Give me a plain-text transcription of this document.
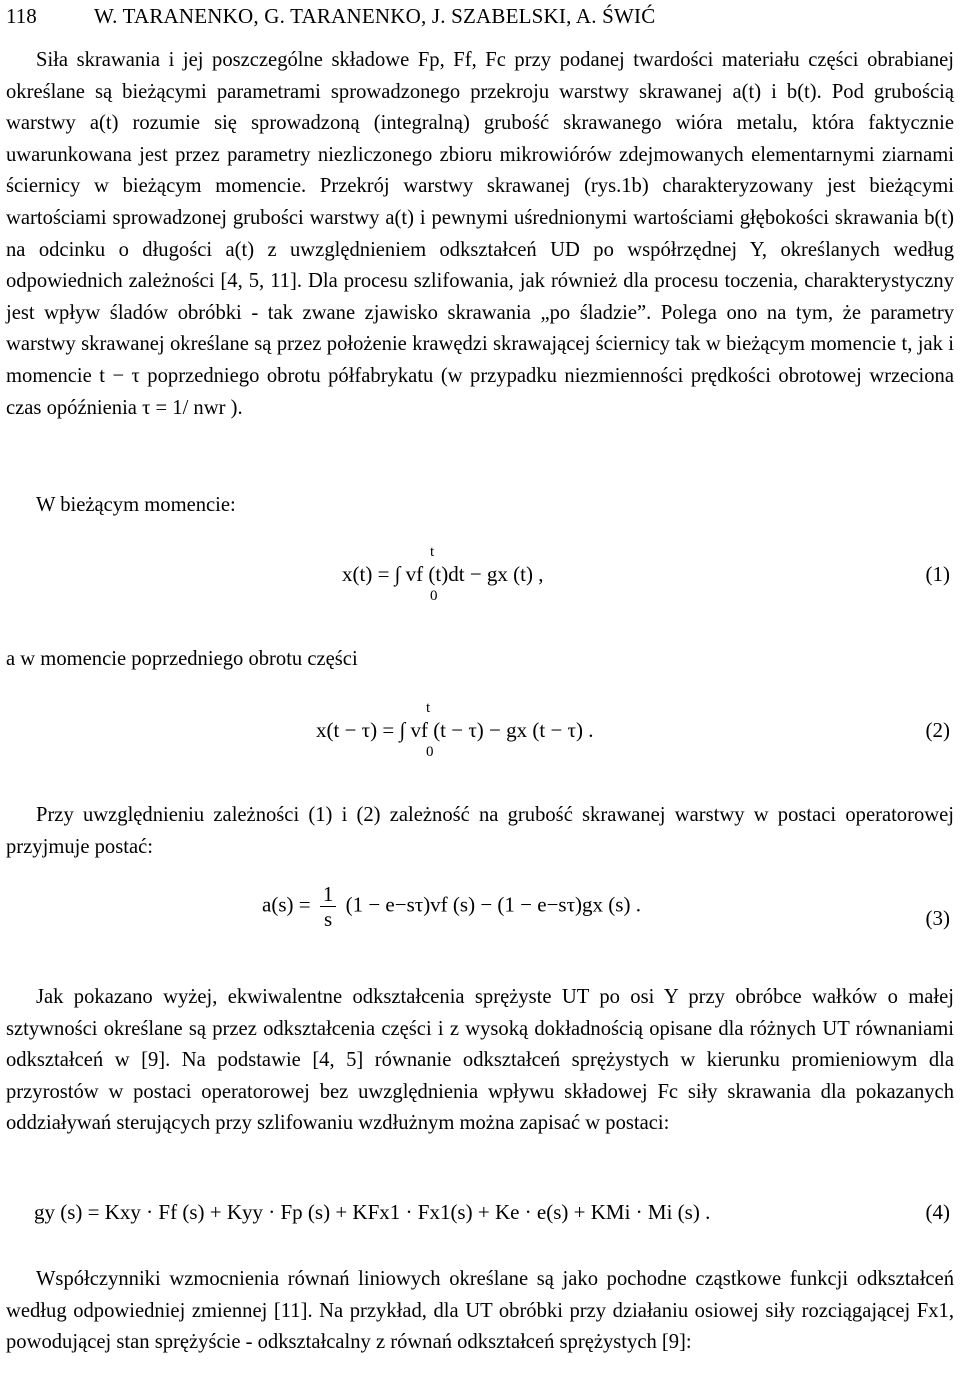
118	W. TARANENKO, G. TARANENKO, J. SZABELSKI, A. ŚWIĆ

Siła skrawania i jej poszczególne składowe Fp, Ff, Fc przy podanej twardości materiału części obrabianej określane są bieżącymi parametrami sprowadzonego przekroju warstwy skrawanej a(t) i b(t). Pod grubością warstwy a(t) rozumie się sprowadzoną (integralną) grubość skrawanego wióra metalu, która faktycznie uwarunkowana jest przez parametry niezliczonego zbioru mikrowiórów zdejmowanych elementarnymi ziarnami ściernicy w bieżącym momencie. Przekrój warstwy skrawanej (rys.1b) charakteryzowany jest bieżącymi wartościami sprowadzonej grubości warstwy a(t) i pewnymi uśrednionymi wartościami głębokości skrawania b(t) na odcinku o długości a(t) z uwzględnieniem odkształceń UD po współrzędnej Y, określanych według odpowiednich zależności [4, 5, 11]. Dla procesu szlifowania, jak również dla procesu toczenia, charakterystyczny jest wpływ śladów obróbki - tak zwane zjawisko skrawania „po śladzie”. Polega ono na tym, że parametry warstwy skrawanej określane są przez położenie krawędzi skrawającej ściernicy tak w bieżącym momencie t, jak i momencie t − τ poprzedniego obrotu półfabrykatu (w przypadku niezmienności prędkości obrotowej wrzeciona czas opóźnienia τ = 1/ nwr ).

W bieżącym momencie:

t
x(t) = ∫ vf (t)dt − gx (t) ,
0
(1)

a w momencie poprzedniego obrotu części

t
x(t − τ) = ∫ vf (t − τ) − gx (t − τ) .
0
(2)

Przy uwzględnieniu zależności (1) i (2) zależność na grubość skrawanej warstwy w postaci operatorowej przyjmuje postać:

$a(s) = \frac{1}{s} (1 - e-s\tau)vf$ (s) − (1 − e−sτ)gx (s) .
(3)

Jak pokazano wyżej, ekwiwalentne odkształcenia sprężyste UT po osi Y przy obróbce wałków o małej sztywności określane są przez odkształcenia części i z wysoką dokładnością opisane dla różnych UT równaniami odkształceń w [9]. Na podstawie [4, 5] równanie odkształceń sprężystych w kierunku promieniowym dla przyrostów w postaci operatorowej bez uwzględnienia wpływu składowej Fc siły skrawania dla pokazanych oddziaływań sterujących przy szlifowaniu wzdłużnym można zapisać w postaci:

gy (s) = Kxy · Ff (s) + Kyy · Fp (s) + KFx1 · Fx1(s) + Ke · e(s) + KMi · Mi (s) .	(4)

Współczynniki wzmocnienia równań liniowych określane są jako pochodne cząstkowe funkcji odkształceń według odpowiedniej zmiennej [11]. Na przykład, dla UT obróbki przy działaniu osiowej siły rozciągającej Fx1, powodującej stan sprężyście - odkształcalny z równań odkształceń sprężystych [9]:
